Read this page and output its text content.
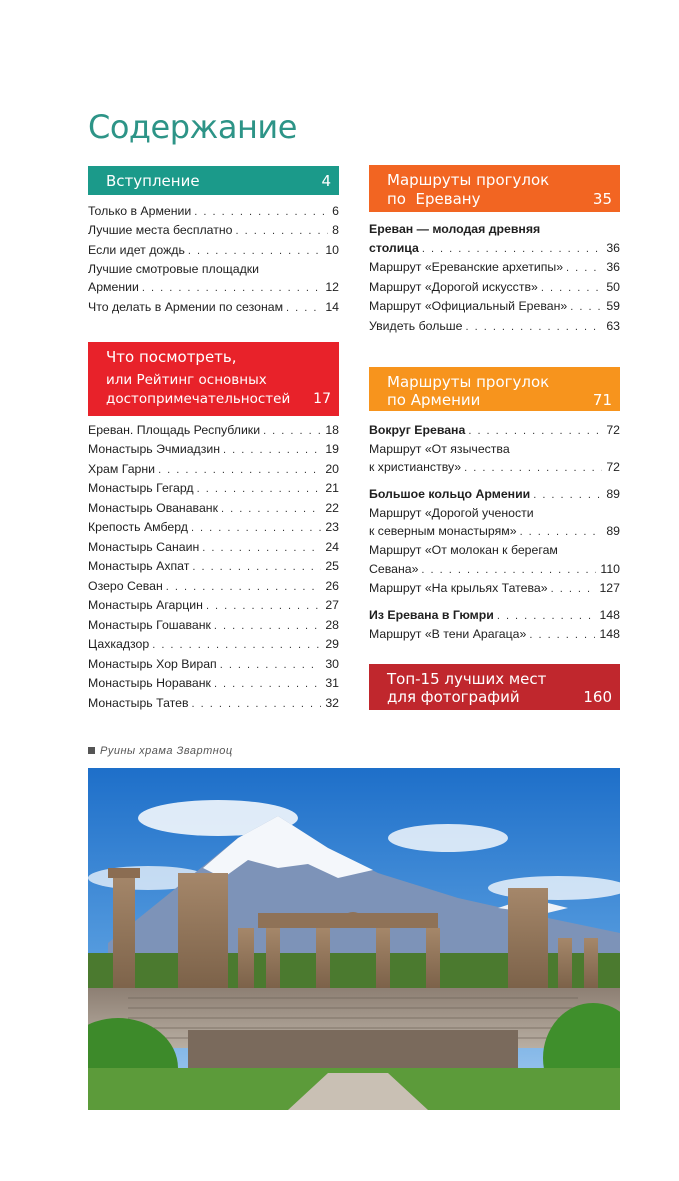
Содержание
Вступление	4
Только в Армении . . .	6
Лучшие места бесплатно . . .	8
Если идет дождь . . .	10
Лучшие смотровые площадки
Армении . . .	12
Что делать в Армении по сезонам . . .	14
Что посмотреть,
или Рейтинг основных
достопримечательностей 17
Ереван. Площадь Республики . . .	18
Монастырь Эчмиадзин . . .	19
Храм Гарни . . .	20
Монастырь Гегард . . .	21
Монастырь Ованаванк . . .	22
Крепость Амберд . . .	23
Монастырь Санаин . . .	24
Монастырь Ахпат . . .	25
Озеро Севан . . .	26
Монастырь Агарцин . . .	27
Монастырь Гошаванк . . .	28
Цахкадзор . . .	29
Монастырь Хор Вирап . . .	30
Монастырь Нораванк . . .	31
Монастырь Татев . . .	32
Маршруты прогулок
по  Еревану	35
Ереван — молодая древняя
столица . . .	36
Маршрут «Ереванские архетипы» . . .	36
Маршрут «Дорогой искусств» . . .	50
Маршрут «Официальный Ереван» . . .	59
Увидеть больше . . .	63
Маршруты прогулок
по Армении	71
Вокруг Еревана . . .	72
Маршрут «От язычества
к христианству» . . .	72
Большое кольцо Армении . . .	89
Маршрут «Дорогой учености
к северным монастырям» . . .	89
Маршрут «От молокан к берегам
Севана» . . .	110
Маршрут «На крыльях Татева» . . .	127
Из Еревана в Гюмри . . .	148
Маршрут «В тени Арагаца» . . .	148
Топ-15 лучших мест
для фотографий	160
Руины храма Звартноц
